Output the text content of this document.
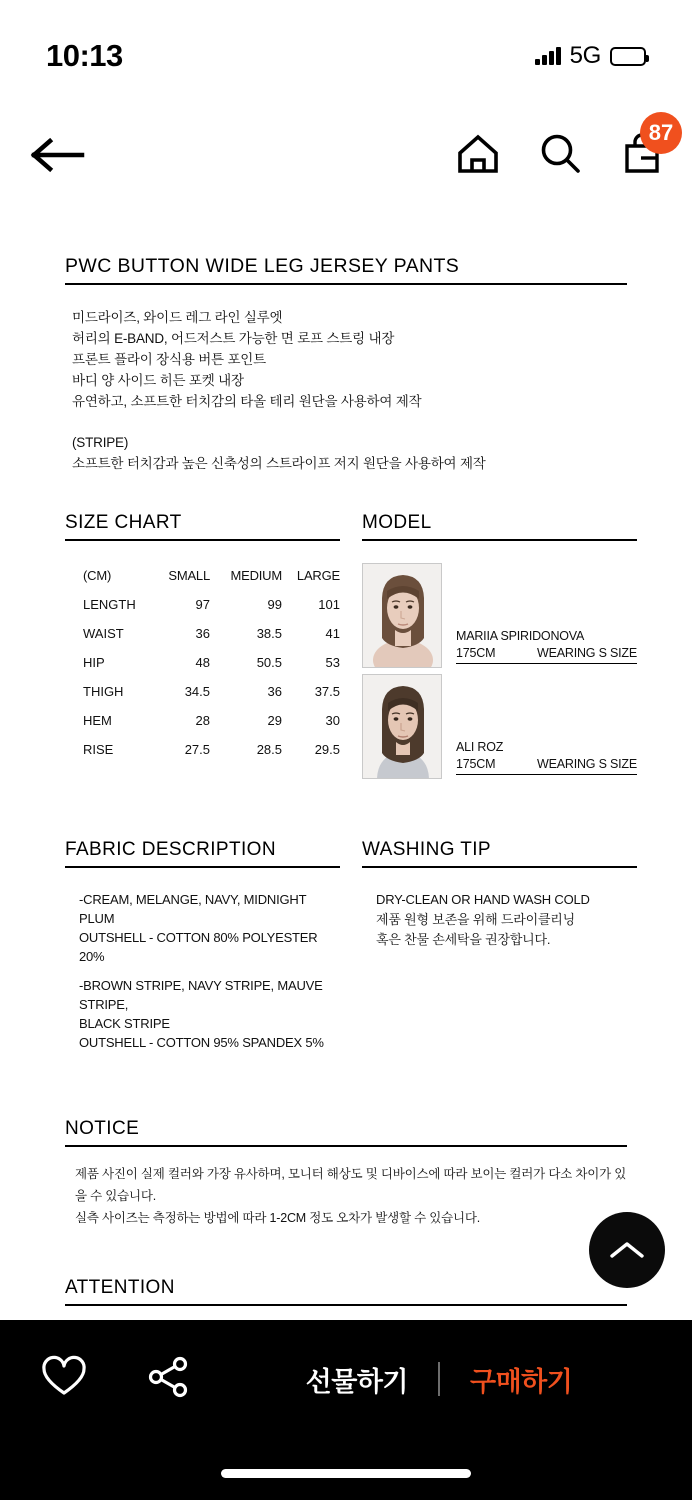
10:13	5G
87
PWC BUTTON WIDE LEG JERSEY PANTS

미드라이즈, 와이드 레그 라인 실루엣

허리의 E-BAND, 어드저스트 가능한 면 로프 스트링 내장

프론트 플라이 장식용 버튼 포인트

바디 양 사이드 히든 포켓 내장

유연하고, 소프트한 터치감의 타올 테리 원단을 사용하여 제작

(STRIPE)

소프트한 터치감과 높은 신축성의 스트라이프 저지 원단을 사용하여 제작

SIZE CHART
(CM)	SMALL	MEDIUM	LARGE
LENGTH	97	99	101
WAIST	36	38.5	41
HIP	48	50.5	53
THIGH	34.5	36	37.5
HEM	28	29	30
RISE	27.5	28.5	29.5
MODEL
MARIIA SPIRIDONOVA
175CM	WEARING S SIZE
ALI ROZ
175CM	WEARING S SIZE
FABRIC DESCRIPTION

-CREAM, MELANGE, NAVY, MIDNIGHT PLUM

OUTSHELL - COTTON 80% POLYESTER 20%

-BROWN STRIPE, NAVY STRIPE, MAUVE STRIPE,

BLACK STRIPE

OUTSHELL - COTTON 95% SPANDEX 5%

WASHING TIP

DRY-CLEAN OR HAND WASH COLD

제품 원형 보존을 위해 드라이클리닝

혹은 찬물 손세탁을 권장합니다.

NOTICE

제품 사진이 실제 컬러와 가장 유사하며, 모니터 해상도 및 디바이스에 따라 보이는 컬러가 다소 차이가 있을 수 있습니다.

실측 사이즈는 측정하는 방법에 따라 1-2CM 정도 오차가 발생할 수 있습니다.

ATTENTION

선물하기 구매하기
